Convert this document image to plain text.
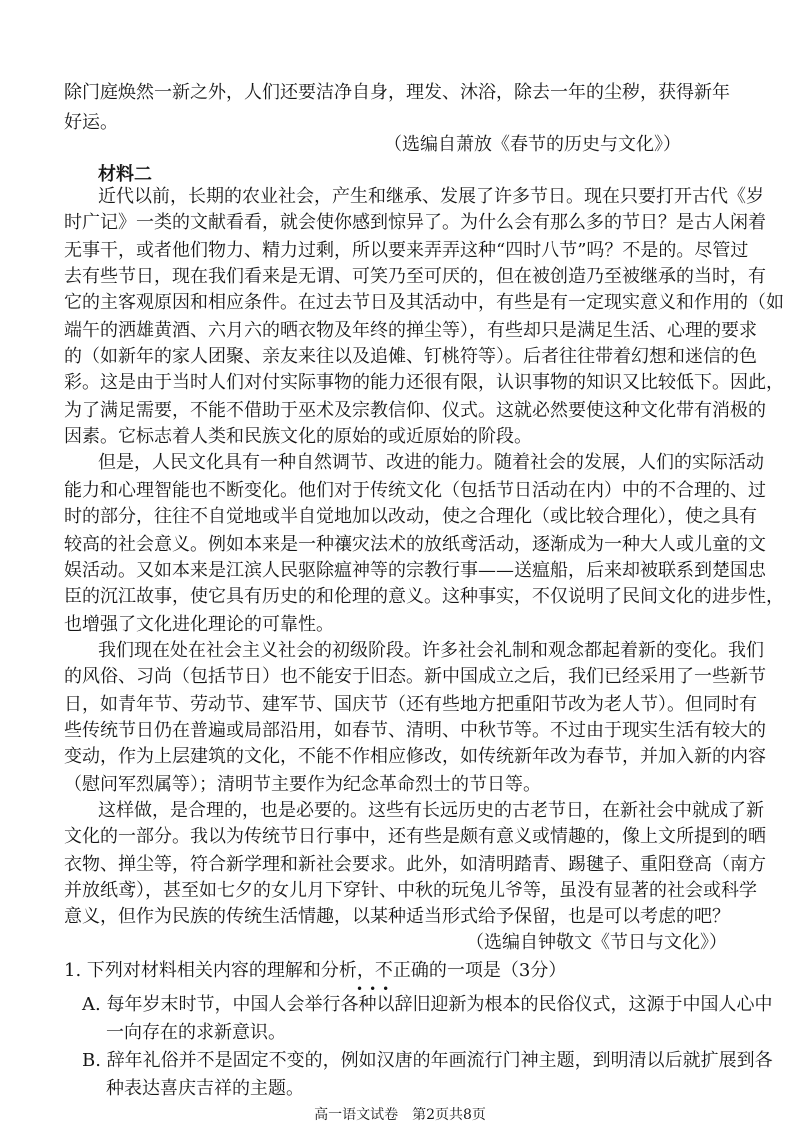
除门庭焕然一新之外，人们还要洁净自身，理发、沐浴，除去一年的尘秽，获得新年
好运。
（选编自萧放《春节的历史与文化》）
材料二
近代以前，长期的农业社会，产生和继承、发展了许多节日。现在只要打开古代《岁
时广记》一类的文献看看，就会使你感到惊异了。为什么会有那么多的节日？是古人闲着
无事干，或者他们物力、精力过剩，所以要来弄弄这种“四时八节”吗？不是的。尽管过
去有些节日，现在我们看来是无谓、可笑乃至可厌的，但在被创造乃至被继承的当时，有
它的主客观原因和相应条件。在过去节日及其活动中，有些是有一定现实意义和作用的（如
端午的洒雄黄酒、六月六的晒衣物及年终的掸尘等），有些却只是满足生活、心理的要求
的（如新年的家人团聚、亲友来往以及追傩、钉桃符等）。后者往往带着幻想和迷信的色
彩。这是由于当时人们对付实际事物的能力还很有限，认识事物的知识又比较低下。因此，
为了满足需要，不能不借助于巫术及宗教信仰、仪式。这就必然要使这种文化带有消极的
因素。它标志着人类和民族文化的原始的或近原始的阶段。
但是，人民文化具有一种自然调节、改进的能力。随着社会的发展，人们的实际活动
能力和心理智能也不断变化。他们对于传统文化（包括节日活动在内）中的不合理的、过
时的部分，往往不自觉地或半自觉地加以改动，使之合理化（或比较合理化），使之具有
较高的社会意义。例如本来是一种禳灾法术的放纸鸢活动，逐渐成为一种大人或儿童的文
娱活动。又如本来是江滨人民驱除瘟神等的宗教行事——送瘟船，后来却被联系到楚国忠
臣的沉江故事，使它具有历史的和伦理的意义。这种事实，不仅说明了民间文化的进步性，
也增强了文化进化理论的可靠性。
我们现在处在社会主义社会的初级阶段。许多社会礼制和观念都起着新的变化。我们
的风俗、习尚（包括节日）也不能安于旧态。新中国成立之后，我们已经采用了一些新节
日，如青年节、劳动节、建军节、国庆节（还有些地方把重阳节改为老人节）。但同时有
些传统节日仍在普遍或局部沿用，如春节、清明、中秋节等。不过由于现实生活有较大的
变动，作为上层建筑的文化，不能不作相应修改，如传统新年改为春节，并加入新的内容
（慰问军烈属等）；清明节主要作为纪念革命烈士的节日等。
这样做，是合理的，也是必要的。这些有长远历史的古老节日，在新社会中就成了新
文化的一部分。我以为传统节日行事中，还有些是颇有意义或情趣的，像上文所提到的晒
衣物、掸尘等，符合新学理和新社会要求。此外，如清明踏青、踢毽子、重阳登高（南方
并放纸鸢），甚至如七夕的女儿月下穿针、中秋的玩兔儿爷等，虽没有显著的社会或科学
意义，但作为民族的传统生活情趣，以某种适当形式给予保留，也是可以考虑的吧？
（选编自钟敬文《节日与文化》）
1. 下列对材料相关内容的理解和分析，不正确的一项是（3分）
•••
A. 每年岁末时节，中国人会举行各种以辞旧迎新为根本的民俗仪式，这源于中国人心中
一向存在的求新意识。
B. 辞年礼俗并不是固定不变的，例如汉唐的年画流行门神主题，到明清以后就扩展到各
种表达喜庆吉祥的主题。
高一语文试卷　第2页共8页
